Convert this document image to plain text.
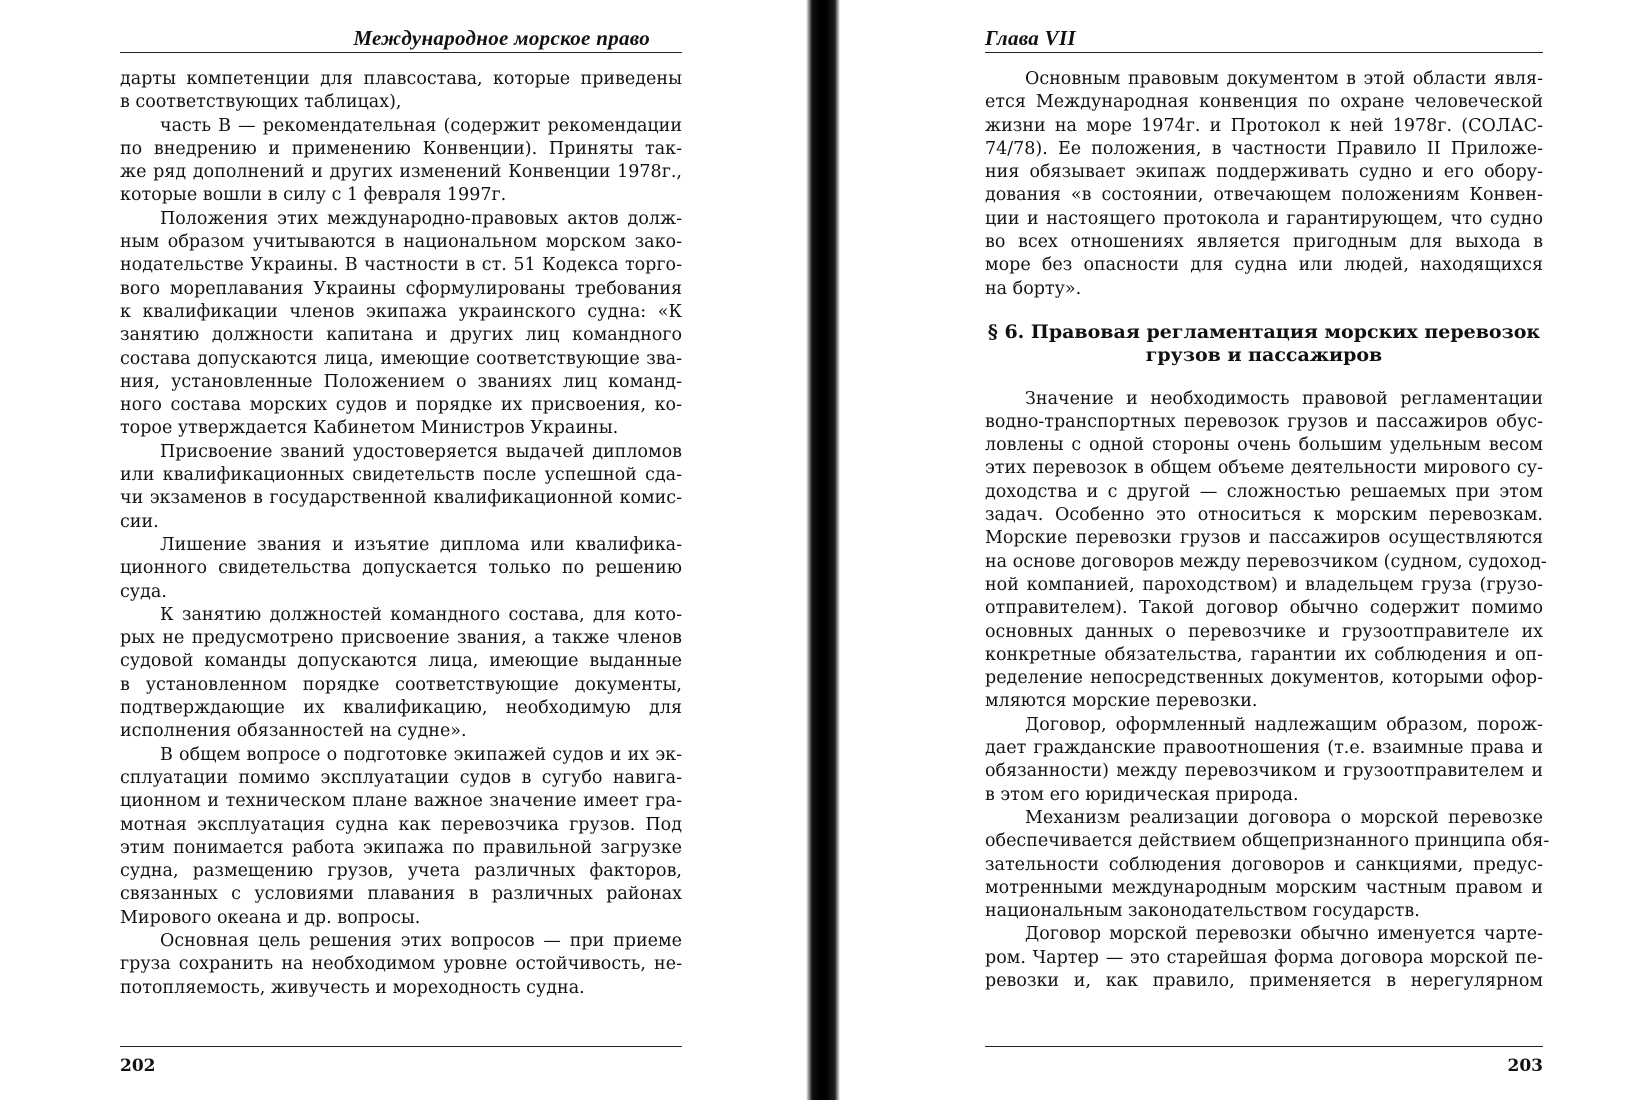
Международное морское право
дарты компетенции для плавсостава, которые приведены
в соответствующих таблицах),
часть В — рекомендательная (содержит рекомендации
по внедрению и применению Конвенции). Приняты так-
же ряд дополнений и других изменений Конвенции 1978г.,
которые вошли в силу с 1 февраля 1997г.
Положения этих международно-правовых актов долж-
ным образом учитываются в национальном морском зако-
нодательстве Украины. В частности в ст. 51 Кодекса торго-
вого мореплавания Украины сформулированы требования
к квалификации членов экипажа украинского судна: «К
занятию должности капитана и других лиц командного
состава допускаются лица, имеющие соответствующие зва-
ния, установленные Положением о званиях лиц команд-
ного состава морских судов и порядке их присвоения, ко-
торое утверждается Кабинетом Министров Украины.
Присвоение званий удостоверяется выдачей дипломов
или квалификационных свидетельств после успешной сда-
чи экзаменов в государственной квалификационной комис-
сии.
Лишение звания и изъятие диплома или квалифика-
ционного свидетельства допускается только по решению
суда.
К занятию должностей командного состава, для кото-
рых не предусмотрено присвоение звания, а также членов
судовой команды допускаются лица, имеющие выданные
в установленном порядке соответствующие документы,
подтверждающие их квалификацию, необходимую для
исполнения обязанностей на судне».
В общем вопросе о подготовке экипажей судов и их эк-
сплуатации помимо эксплуатации судов в сугубо навига-
ционном и техническом плане важное значение имеет гра-
мотная эксплуатация судна как перевозчика грузов. Под
этим понимается работа экипажа по правильной загрузке
судна, размещению грузов, учета различных факторов,
связанных с условиями плавания в различных районах
Мирового океана и др. вопросы.
Основная цель решения этих вопросов — при приеме
груза сохранить на необходимом уровне остойчивость, не-
потопляемость, живучесть и мореходность судна.
202
Глава VII
Основным правовым документом в этой области явля-
ется Международная конвенция по охране человеческой
жизни на море 1974г. и Протокол к ней 1978г. (СОЛАС-
74/78). Ее положения, в частности Правило II Приложе-
ния обязывает экипаж поддерживать судно и его обору-
дования «в состоянии, отвечающем положениям Конвен-
ции и настоящего протокола и гарантирующем, что судно
во всех отношениях является пригодным для выхода в
море без опасности для судна или людей, находящихся
на борту».
§ 6. Правовая регламентация морских перевозок
грузов и пассажиров
Значение и необходимость правовой регламентации
водно-транспортных перевозок грузов и пассажиров обус-
ловлены с одной стороны очень большим удельным весом
этих перевозок в общем объеме деятельности мирового су-
доходства и с другой — сложностью решаемых при этом
задач. Особенно это относиться к морским перевозкам.
Морские перевозки грузов и пассажиров осуществляются
на основе договоров между перевозчиком (судном, судоход-
ной компанией, пароходством) и владельцем груза (грузо-
отправителем). Такой договор обычно содержит помимо
основных данных о перевозчике и грузоотправителе их
конкретные обязательства, гарантии их соблюдения и оп-
ределение непосредственных документов, которыми офор-
мляются морские перевозки.
Договор, оформленный надлежащим образом, порож-
дает гражданские правоотношения (т.е. взаимные права и
обязанности) между перевозчиком и грузоотправителем и
в этом его юридическая природа.
Механизм реализации договора о морской перевозке
обеспечивается действием общепризнанного принципа обя-
зательности соблюдения договоров и санкциями, предус-
мотренными международным морским частным правом и
национальным законодательством государств.
Договор морской перевозки обычно именуется чарте-
ром. Чартер — это старейшая форма договора морской пе-
ревозки и, как правило, применяется в нерегулярном
203
